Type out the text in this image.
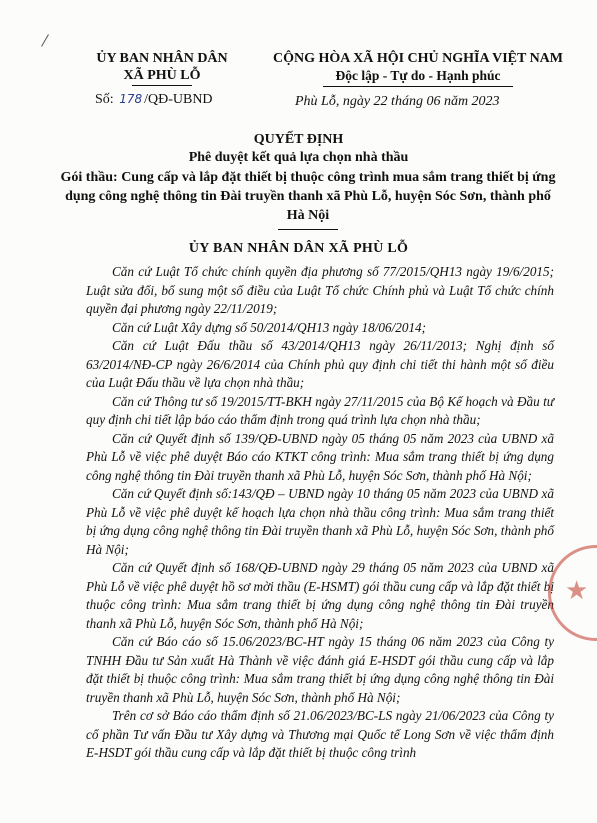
ỦY BAN NHÂN DÂN
XÃ PHÙ LỖ
Số: 178 /QĐ-UBND
CỘNG HÒA XÃ HỘI CHỦ NGHĨA VIỆT NAM
Độc lập - Tự do - Hạnh phúc
Phù Lỗ, ngày 22 tháng 06 năm 2023
QUYẾT ĐỊNH
Phê duyệt kết quả lựa chọn nhà thầu
Gói thầu: Cung cấp và lắp đặt thiết bị thuộc công trình mua sắm trang thiết bị ứng dụng công nghệ thông tin Đài truyền thanh xã Phù Lỗ, huyện Sóc Sơn, thành phố Hà Nội
ỦY BAN NHÂN DÂN XÃ PHÙ LỖ

Căn cứ Luật Tổ chức chính quyền địa phương số 77/2015/QH13 ngày 19/6/2015; Luật sửa đổi, bổ sung một số điều của Luật Tổ chức Chính phủ và Luật Tổ chức chính quyền đại phương ngày 22/11/2019;

Căn cứ Luật Xây dựng số 50/2014/QH13 ngày 18/06/2014;

Căn cứ Luật Đấu thầu số 43/2014/QH13 ngày 26/11/2013; Nghị định số 63/2014/NĐ-CP ngày 26/6/2014 của Chính phủ quy định chi tiết thi hành một số điều của Luật Đấu thầu về lựa chọn nhà thầu;

Căn cứ Thông tư số 19/2015/TT-BKH ngày 27/11/2015 của Bộ Kế hoạch và Đầu tư quy định chi tiết lập báo cáo thẩm định trong quá trình lựa chọn nhà thầu;

Căn cứ Quyết định số 139/QĐ-UBND ngày 05 tháng 05 năm 2023 của UBND xã Phù Lỗ về việc phê duyệt Báo cáo KTKT công trình: Mua sắm trang thiết bị ứng dụng công nghệ thông tin Đài truyền thanh xã Phù Lỗ, huyện Sóc Sơn, thành phố Hà Nội;

Căn cứ Quyết định số:143/QĐ – UBND ngày 10 tháng 05 năm 2023 của UBND xã Phù Lỗ về việc phê duyệt kế hoạch lựa chọn nhà thầu công trình: Mua sắm trang thiết bị ứng dụng công nghệ thông tin Đài truyền thanh xã Phù Lỗ, huyện Sóc Sơn, thành phố Hà Nội;

Căn cứ Quyết định số 168/QĐ-UBND ngày 29 tháng 05 năm 2023 của UBND xã Phù Lỗ về việc phê duyệt hồ sơ mời thầu (E-HSMT) gói thầu cung cấp và lắp đặt thiết bị thuộc công trình: Mua sắm trang thiết bị ứng dụng công nghệ thông tin Đài truyền thanh xã Phù Lỗ, huyện Sóc Sơn, thành phố Hà Nội;

Căn cứ Báo cáo số 15.06/2023/BC-HT ngày 15 tháng 06 năm 2023 của Công ty TNHH Đầu tư Sản xuất Hà Thành về việc đánh giá E-HSDT gói thầu cung cấp và lắp đặt thiết bị thuộc công trình: Mua sắm trang thiết bị ứng dụng công nghệ thông tin Đài truyền thanh xã Phù Lỗ, huyện Sóc Sơn, thành phố Hà Nội;

Trên cơ sở Báo cáo thẩm định số 21.06/2023/BC-LS ngày 21/06/2023 của Công ty cổ phần Tư vấn Đầu tư Xây dựng và Thương mại Quốc tế Long Sơn về việc thẩm định E-HSDT gói thầu cung cấp và lắp đặt thiết bị thuộc công trình

★
